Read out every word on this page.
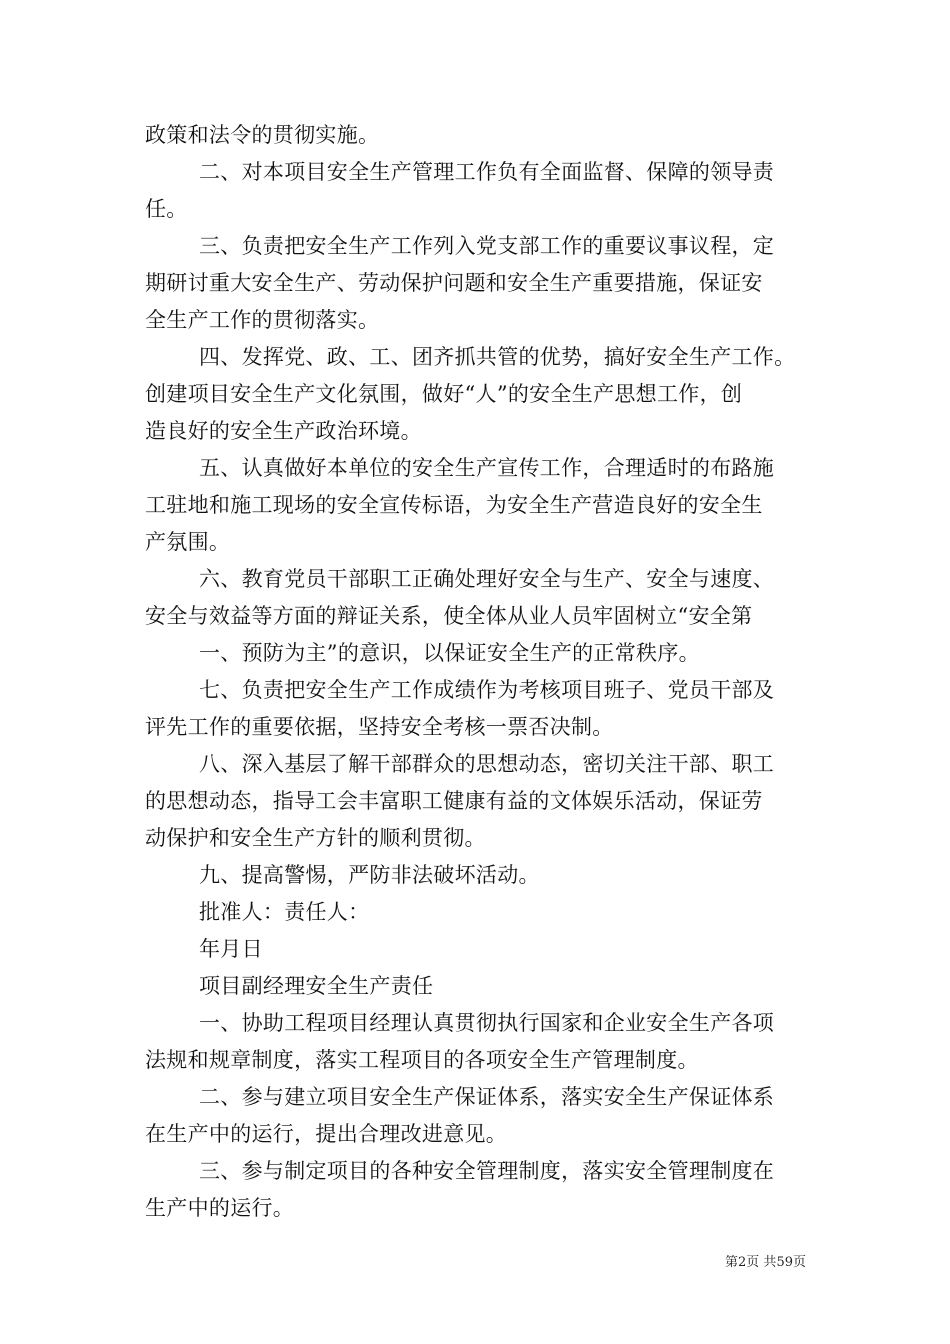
政策和法令的贯彻实施。
二、对本项目安全生产管理工作负有全面监督、保障的领导责
任。
三、负责把安全生产工作列入党支部工作的重要议事议程，定
期研讨重大安全生产、劳动保护问题和安全生产重要措施，保证安
全生产工作的贯彻落实。
四、发挥党、政、工、团齐抓共管的优势，搞好安全生产工作。
创建项目安全生产文化氛围，做好“人”的安全生产思想工作，创
造良好的安全生产政治环境。
五、认真做好本单位的安全生产宣传工作，合理适时的布路施
工驻地和施工现场的安全宣传标语，为安全生产营造良好的安全生
产氛围。
六、教育党员干部职工正确处理好安全与生产、安全与速度、
安全与效益等方面的辩证关系，使全体从业人员牢固树立“安全第
一、预防为主”的意识，以保证安全生产的正常秩序。
七、负责把安全生产工作成绩作为考核项目班子、党员干部及
评先工作的重要依据，坚持安全考核一票否决制。
八、深入基层了解干部群众的思想动态，密切关注干部、职工
的思想动态，指导工会丰富职工健康有益的文体娱乐活动，保证劳
动保护和安全生产方针的顺利贯彻。
九、提高警惕，严防非法破坏活动。
批准人：责任人：
年月日
项目副经理安全生产责任
一、协助工程项目经理认真贯彻执行国家和企业安全生产各项
法规和规章制度，落实工程项目的各项安全生产管理制度。
二、参与建立项目安全生产保证体系，落实安全生产保证体系
在生产中的运行，提出合理改进意见。
三、参与制定项目的各种安全管理制度，落实安全管理制度在
生产中的运行。
第2页 共59页
